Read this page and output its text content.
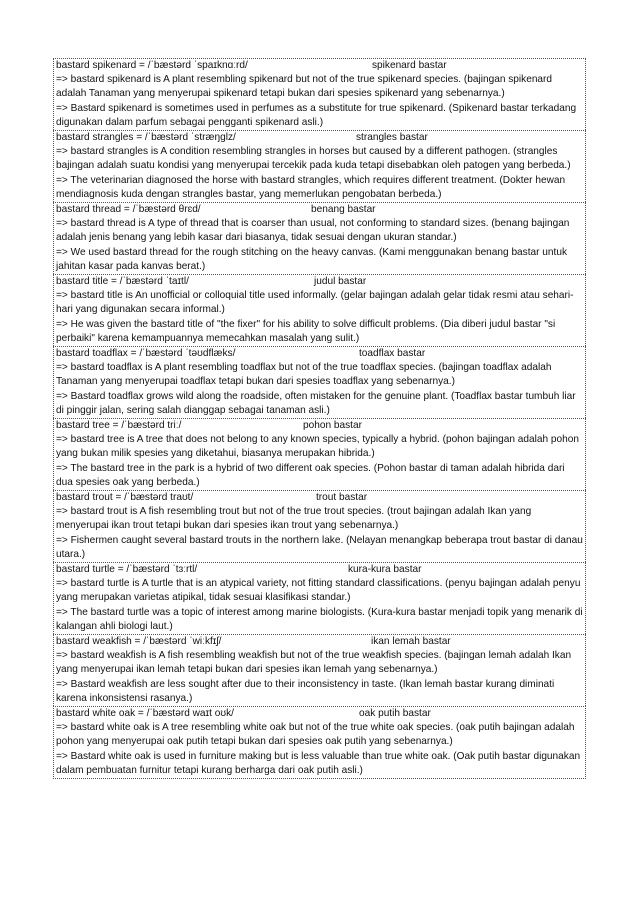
bastard spikenard = /ˈbæstərd ˈspaɪknɑːrd/	spikenard bastar
=> bastard spikenard is A plant resembling spikenard but not of the true spikenard species. (bajingan spikenard adalah Tanaman yang menyerupai spikenard tetapi bukan dari spesies spikenard yang sebenarnya.)
=> Bastard spikenard is sometimes used in perfumes as a substitute for true spikenard. (Spikenard bastar terkadang digunakan dalam parfum sebagai pengganti spikenard asli.)
bastard strangles = /ˈbæstərd ˈstræŋɡlz/	strangles bastar
=> bastard strangles is A condition resembling strangles in horses but caused by a different pathogen. (strangles bajingan adalah suatu kondisi yang menyerupai tercekik pada kuda tetapi disebabkan oleh patogen yang berbeda.)
=> The veterinarian diagnosed the horse with bastard strangles, which requires different treatment. (Dokter hewan mendiagnosis kuda dengan strangles bastar, yang memerlukan pengobatan berbeda.)
bastard thread = /ˈbæstərd θrɛd/	benang bastar
=> bastard thread is A type of thread that is coarser than usual, not conforming to standard sizes. (benang bajingan adalah jenis benang yang lebih kasar dari biasanya, tidak sesuai dengan ukuran standar.)
=> We used bastard thread for the rough stitching on the heavy canvas. (Kami menggunakan benang bastar untuk jahitan kasar pada kanvas berat.)
bastard title = /ˈbæstərd ˈtaɪtl/	judul bastar
=> bastard title is An unofficial or colloquial title used informally. (gelar bajingan adalah gelar tidak resmi atau sehari-hari yang digunakan secara informal.)
=> He was given the bastard title of "the fixer" for his ability to solve difficult problems. (Dia diberi judul bastar "si perbaiki" karena kemampuannya memecahkan masalah yang sulit.)
bastard toadflax = /ˈbæstərd ˈtəʊdflæks/	toadflax bastar
=> bastard toadflax is A plant resembling toadflax but not of the true toadflax species. (bajingan toadflax adalah Tanaman yang menyerupai toadflax tetapi bukan dari spesies toadflax yang sebenarnya.)
=> Bastard toadflax grows wild along the roadside, often mistaken for the genuine plant. (Toadflax bastar tumbuh liar di pinggir jalan, sering salah dianggap sebagai tanaman asli.)
bastard tree = /ˈbæstərd triː/	pohon bastar
=> bastard tree is A tree that does not belong to any known species, typically a hybrid. (pohon bajingan adalah pohon yang bukan milik spesies yang diketahui, biasanya merupakan hibrida.)
=> The bastard tree in the park is a hybrid of two different oak species. (Pohon bastar di taman adalah hibrida dari dua spesies oak yang berbeda.)
bastard trout = /ˈbæstərd traʊt/	trout bastar
=> bastard trout is A fish resembling trout but not of the true trout species. (trout bajingan adalah Ikan yang menyerupai ikan trout tetapi bukan dari spesies ikan trout yang sebenarnya.)
=> Fishermen caught several bastard trouts in the northern lake. (Nelayan menangkap beberapa trout bastar di danau utara.)
bastard turtle = /ˈbæstərd ˈtɜːrtl/	kura-kura bastar
=> bastard turtle is A turtle that is an atypical variety, not fitting standard classifications. (penyu bajingan adalah penyu yang merupakan varietas atipikal, tidak sesuai klasifikasi standar.)
=> The bastard turtle was a topic of interest among marine biologists. (Kura-kura bastar menjadi topik yang menarik di kalangan ahli biologi laut.)
bastard weakfish = /ˈbæstərd ˈwiːkfɪʃ/	ikan lemah bastar
=> bastard weakfish is A fish resembling weakfish but not of the true weakfish species. (bajingan lemah adalah Ikan yang menyerupai ikan lemah tetapi bukan dari spesies ikan lemah yang sebenarnya.)
=> Bastard weakfish are less sought after due to their inconsistency in taste. (Ikan lemah bastar kurang diminati karena inkonsistensi rasanya.)
bastard white oak = /ˈbæstərd waɪt oʊk/	oak putih bastar
=> bastard white oak is A tree resembling white oak but not of the true white oak species. (oak putih bajingan adalah pohon yang menyerupai oak putih tetapi bukan dari spesies oak putih yang sebenarnya.)
=> Bastard white oak is used in furniture making but is less valuable than true white oak. (Oak putih bastar digunakan dalam pembuatan furnitur tetapi kurang berharga dari oak putih asli.)
